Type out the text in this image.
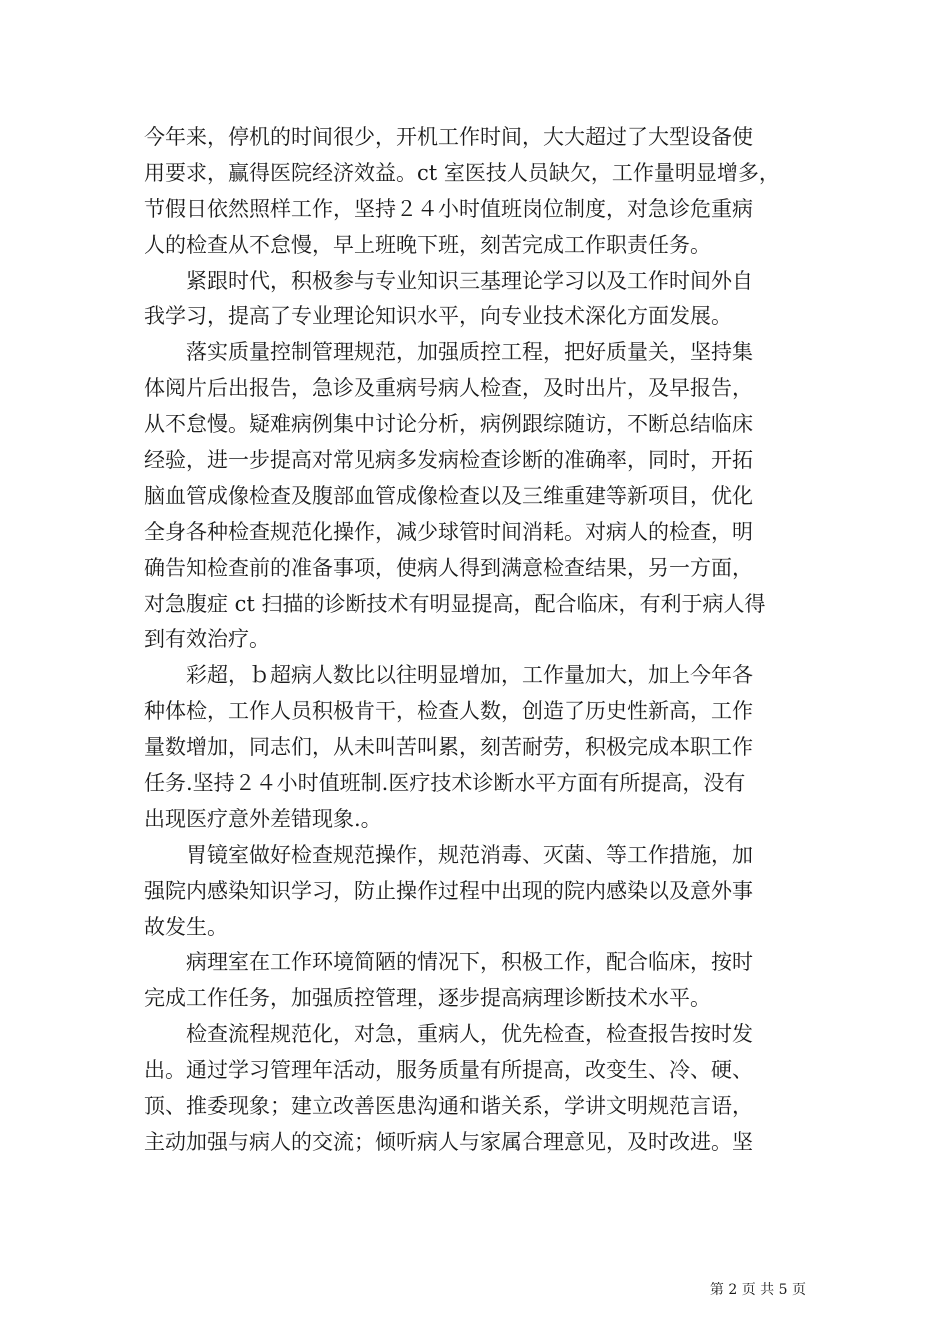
今年来，停机的时间很少，开机工作时间，大大超过了大型设备使
用要求，赢得医院经济效益。ct 室医技人员缺欠，工作量明显增多，
节假日依然照样工作，坚持２４小时值班岗位制度，对急诊危重病
人的检查从不怠慢，早上班晚下班，刻苦完成工作职责任务。
　　紧跟时代，积极参与专业知识三基理论学习以及工作时间外自
我学习，提高了专业理论知识水平，向专业技术深化方面发展。
　　落实质量控制管理规范，加强质控工程，把好质量关，坚持集
体阅片后出报告，急诊及重病号病人检查，及时出片，及早报告，
从不怠慢。疑难病例集中讨论分析，病例跟综随访，不断总结临床
经验，进一步提高对常见病多发病检查诊断的准确率，同时，开拓
脑血管成像检查及腹部血管成像检查以及三维重建等新项目，优化
全身各种检查规范化操作，减少球管时间消耗。对病人的检查，明
确告知检查前的准备事项，使病人得到满意检查结果，另一方面，
对急腹症 ct 扫描的诊断技术有明显提高，配合临床，有利于病人得
到有效治疗。
　　彩超，ｂ超病人数比以往明显增加，工作量加大，加上今年各
种体检，工作人员积极肯干，检查人数，创造了历史性新高，工作
量数增加，同志们，从未叫苦叫累，刻苦耐劳，积极完成本职工作
任务.坚持２４小时值班制.医疗技术诊断水平方面有所提高，没有
出现医疗意外差错现象.。
　　胃镜室做好检查规范操作，规范消毒、灭菌、等工作措施，加
强院内感染知识学习，防止操作过程中出现的院内感染以及意外事
故发生。
　　病理室在工作环境简陋的情况下，积极工作，配合临床，按时
完成工作任务，加强质控管理，逐步提高病理诊断技术水平。
　　检查流程规范化，对急，重病人，优先检查，检查报告按时发
出。通过学习管理年活动，服务质量有所提高，改变生、冷、硬、
顶、推委现象；建立改善医患沟通和谐关系，学讲文明规范言语，
主动加强与病人的交流；倾听病人与家属合理意见，及时改进。坚
第 2 页 共 5 页
